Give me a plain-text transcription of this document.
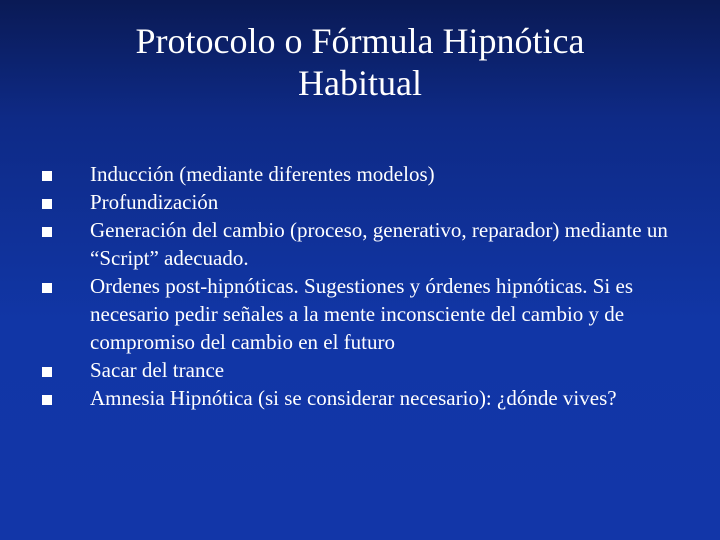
Protocolo o Fórmula Hipnótica
Habitual
Inducción (mediante diferentes modelos)
Profundización
Generación del cambio (proceso, generativo, reparador) mediante un “Script” adecuado.
Ordenes post-hipnóticas. Sugestiones y órdenes hipnóticas. Si es necesario pedir señales a la mente inconsciente del cambio y de compromiso del cambio en el futuro
Sacar del trance
Amnesia Hipnótica (si se considerar necesario): ¿dónde vives?
